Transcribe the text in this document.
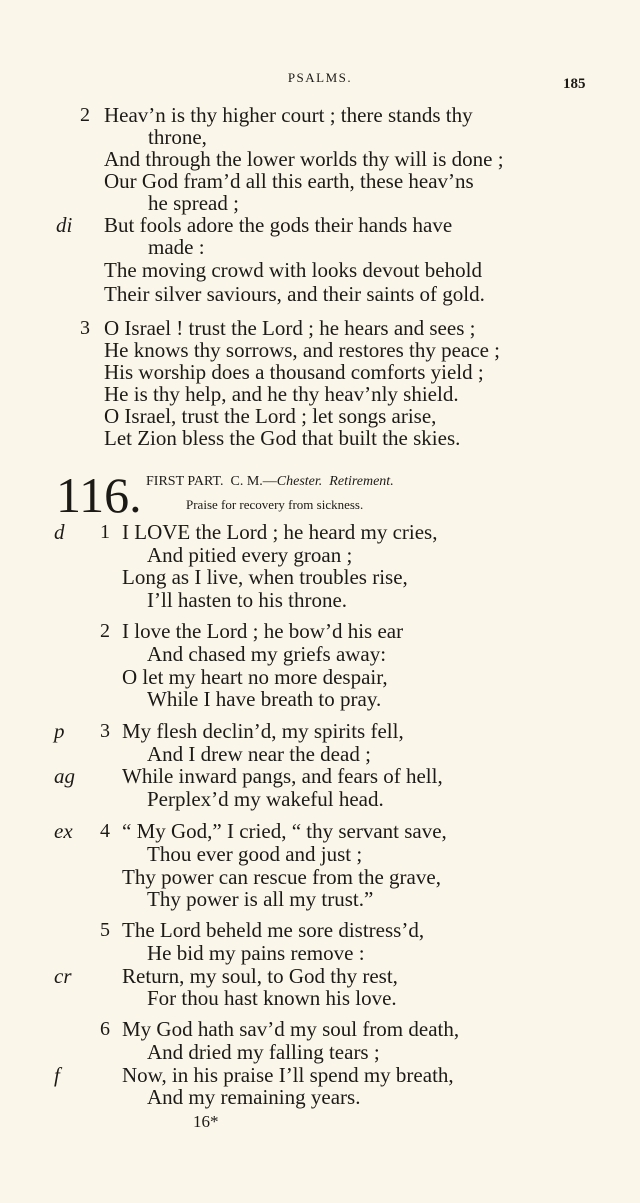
PSALMS.	185
2 Heav’n is thy higher court ; there stands thy
throne,
And through the lower worlds thy will is done ;
Our God fram’d all this earth, these heav’ns
he spread ;
But fools adore the gods their hands have
di
made :
The moving crowd with looks devout behold
Their silver saviours, and their saints of gold.
3 O Israel ! trust the Lord ; he hears and sees ;
He knows thy sorrows, and restores thy peace ;
His worship does a thousand comforts yield ;
He is thy help, and he thy heav’nly shield.
O Israel, trust the Lord ; let songs arise,
Let Zion bless the God that built the skies.
116. FIRST PART. C. M.—Chester. Retirement.
Praise for recovery from sickness.
1 I LOVE the Lord ; he heard my cries,
d
And pitied every groan ;
Long as I live, when troubles rise,
I’ll hasten to his throne.
2 I love the Lord ; he bow’d his ear
And chased my griefs away:
O let my heart no more despair,
While I have breath to pray.
3 My flesh declin’d, my spirits fell,
p
And I drew near the dead ;
While inward pangs, and fears of hell,
ag
Perplex’d my wakeful head.
4 “ My God,” I cried, “ thy servant save,
ex
Thou ever good and just ;
Thy power can rescue from the grave,
Thy power is all my trust.”
5 The Lord beheld me sore distress’d,
He bid my pains remove :
Return, my soul, to God thy rest,
cr
For thou hast known his love.
6 My God hath sav’d my soul from death,
And dried my falling tears ;
Now, in his praise I’ll spend my breath,
f
And my remaining years.
16*
